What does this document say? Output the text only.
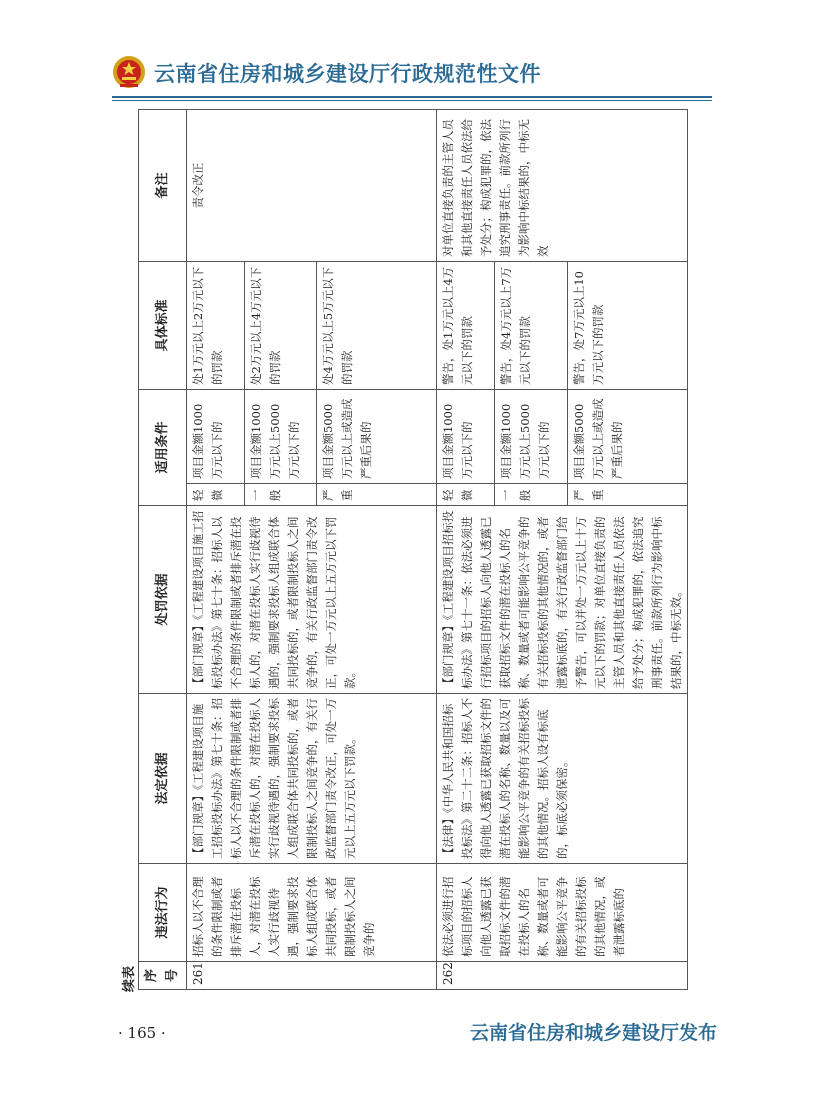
云南省住房和城乡建设厅行政规范性文件
续表 序号	违法行为	法定依据	处罚依据	适用条件		具体标准	备注
261	招标人以不合理的条件限制或者排斥潜在投标人，对潜在投标人实行歧视待遇，强制要求投标人组成联合体共同投标，或者限制投标人之间竞争的	【部门规章】《工程建设项目施工招标投标办法》第七十条：招标人以不合理的条件限制或者排斥潜在投标人的，对潜在投标人实行歧视待遇的，强制要求投标人组成联合体共同投标的，或者限制投标人之间竞争的，有关行政监督部门责令改正，可处一万元以上五万元以下罚款。	【部门规章】《工程建设项目施工招标投标办法》第七十条：招标人以不合理的条件限制或者排斥潜在投标人的，对潜在投标人实行歧视待遇的，强制要求投标人组成联合体共同投标的，或者限制投标人之间竞争的，有关行政监督部门责令改正，可处一万元以上五万元以下罚款。	轻微	项目金额1000万元以下的	处1万元以上2万元以下的罚款	责令改正
				一般	项目金额1000万元以上5000万元以下的	处2万元以上4万元以下的罚款	
				严重	项目金额5000万元以上或造成严重后果的	处4万元以上5万元以下的罚款	
262	依法必须进行招标项目的招标人向他人透露已获取招标文件的潜在投标人的名称、数量或者可能影响公平竞争的有关招标投标的其他情况，或者泄露标底的	【法律】《中华人民共和国招标投标法》第二十二条：招标人不得向他人透露已获取招标文件的潜在投标人的名称、数量以及可能影响公平竞争的有关招标投标的其他情况。招标人设有标底的，标底必须保密。	【部门规章】《工程建设项目招标投标办法》第七十一条：依法必须进行招标项目的招标人向他人透露已获取招标文件的潜在投标人的名称、数量或者可能影响公平竞争的有关招标投标的其他情况的，或者泄露标底的，有关行政监督部门给予警告，可以并处一万元以上十万元以下的罚款；对单位直接负责的主管人员和其他直接责任人员依法给予处分；构成犯罪的，依法追究刑事责任。前款所列行为影响中标结果的，中标无效。	轻微	项目金额1000万元以下的	警告，处1万元以上4万元以下的罚款	对单位直接负责的主管人员和其他直接责任人员依法给予处分；构成犯罪的，依法追究刑事责任。前款所列行为影响中标结果的，中标无效
				一般	项目金额1000万元以上5000万元以下的	警告，处4万元以上7万元以下的罚款	
				严重	项目金额5000万元以上或造成严重后果的	警告，处7万元以上10万元以下的罚款	
· 165 ·	云南省住房和城乡建设厅发布
